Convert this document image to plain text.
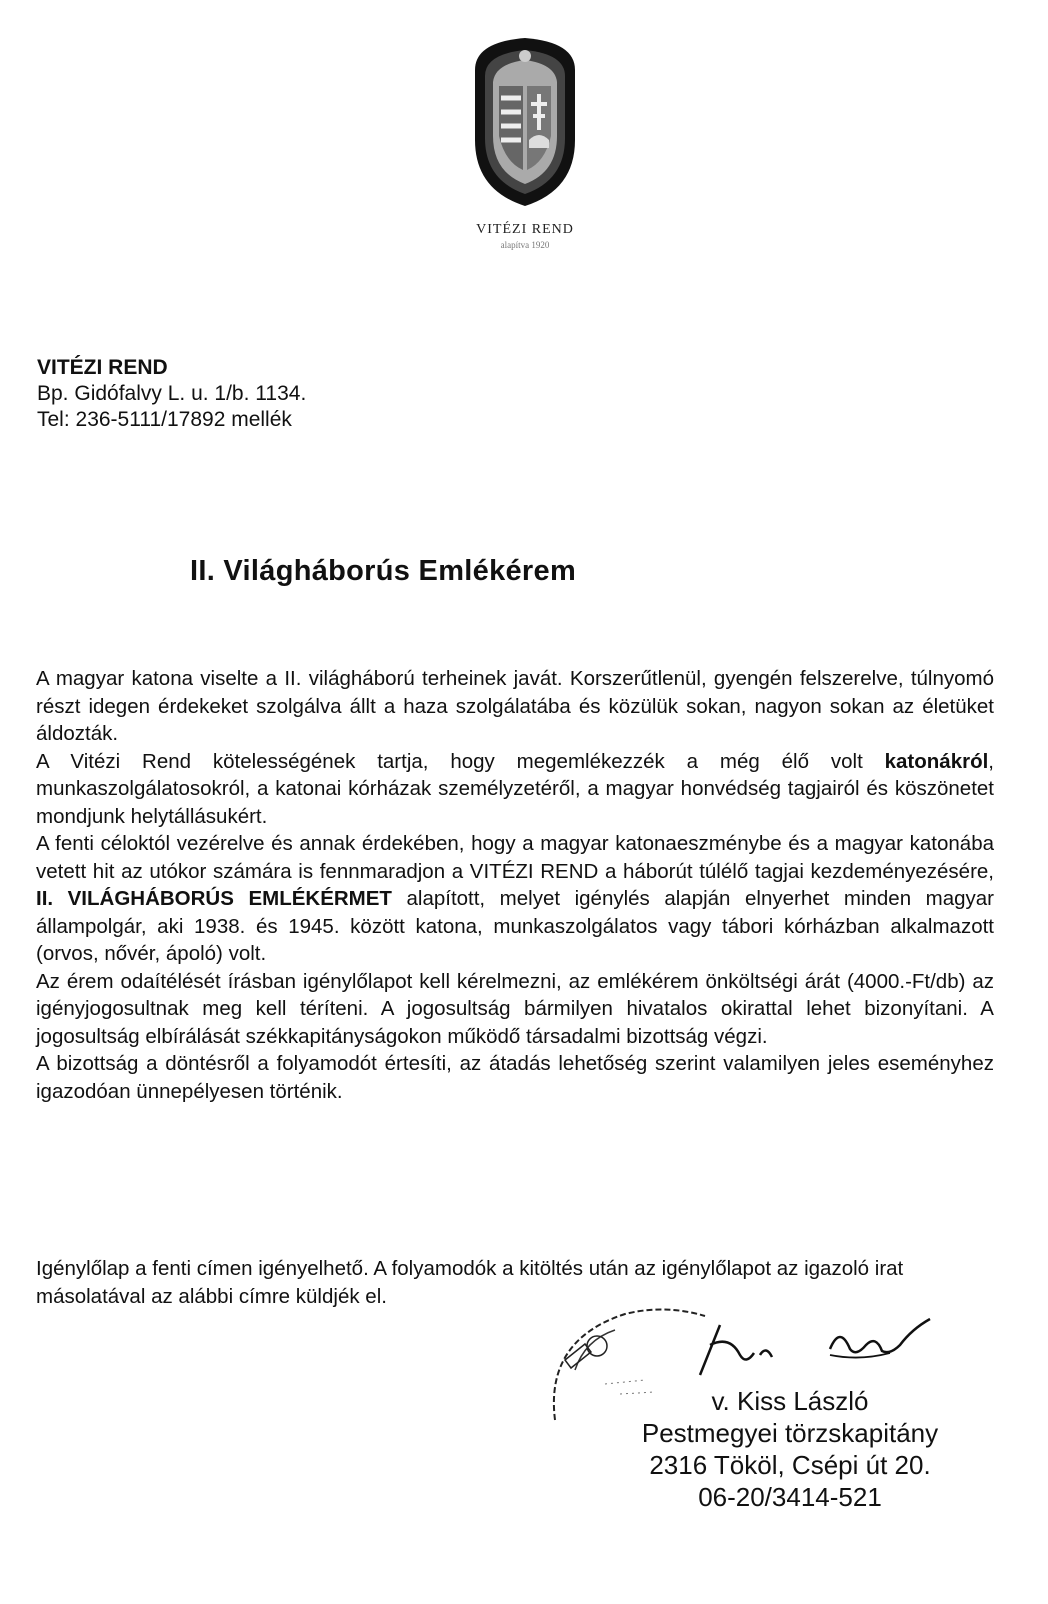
VITÉZI REND
alapítva 1920
VITÉZI REND
Bp. Gidófalvy L. u. 1/b. 1134.
Tel: 236-5111/17892 mellék
II. Világháborús Emlékérem

A magyar katona viselte a II. világháború terheinek javát. Korszerűtlenül, gyengén felszerelve, túlnyomó részt idegen érdekeket szolgálva állt a haza szolgálatába és közülük sokan, nagyon sokan az életüket áldozták.

A Vitézi Rend kötelességének tartja, hogy megemlékezzék a még élő volt katonákról, munkaszolgálatosokról, a katonai kórházak személyzetéről, a magyar honvédség tagjairól és köszönetet mondjunk helytállásukért.

A fenti céloktól vezérelve és annak érdekében, hogy a magyar katonaeszménybe és a magyar katonába vetett hit az utókor számára is fennmaradjon a VITÉZI REND a háborút túlélő tagjai kezdeményezésére, II. VILÁGHÁBORÚS EMLÉKÉRMET alapított, melyet igénylés alapján elnyerhet minden magyar állampolgár, aki 1938. és 1945. között katona, munkaszolgálatos vagy tábori kórházban alkalmazott (orvos, nővér, ápoló) volt.

Az érem odaítélését írásban igénylőlapot kell kérelmezni, az emlékérem önköltségi árát (4000.-Ft/db) az igényjogosultnak meg kell téríteni. A jogosultság bármilyen hivatalos okirattal lehet bizonyítani. A jogosultság elbírálását székkapitányságokon működő társadalmi bizottság végzi.

A bizottság a döntésről a folyamodót értesíti, az átadás lehetőség szerint valamilyen jeles eseményhez igazodóan ünnepélyesen történik.

Igénylőlap a fenti címen igényelhető. A folyamodók a kitöltés után az igénylőlapot az igazoló irat másolatával az alábbi címre küldjék el.

v. Kiss László
Pestmegyei törzskapitány
2316 Tököl, Csépi út 20.
06-20/3414-521
